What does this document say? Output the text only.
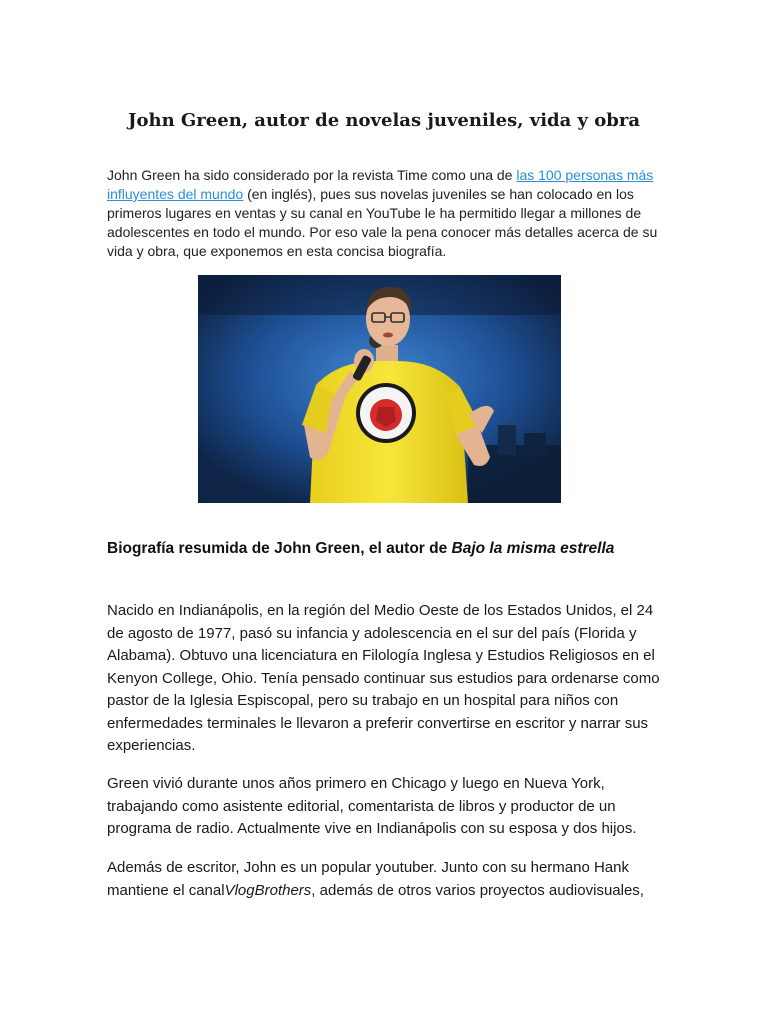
John Green, autor de novelas juveniles, vida y obra

John Green ha sido considerado por la revista Time como una de las 100 personas más influyentes del mundo (en inglés), pues sus novelas juveniles se han colocado en los primeros lugares en ventas y su canal en YouTube le ha permitido llegar a millones de adolescentes en todo el mundo. Por eso vale la pena conocer más detalles acerca de su vida y obra, que exponemos en esta concisa biografía.

Biografía resumida de John Green, el autor de Bajo la misma estrella

Nacido en Indianápolis, en la región del Medio Oeste de los Estados Unidos, el 24 de agosto de 1977, pasó su infancia y adolescencia en el sur del país (Florida y Alabama). Obtuvo una licenciatura en Filología Inglesa y Estudios Religiosos en el Kenyon College, Ohio. Tenía pensado continuar sus estudios para ordenarse como pastor de la Iglesia Espiscopal, pero su trabajo en un hospital para niños con enfermedades terminales le llevaron a preferir convertirse en escritor y narrar sus experiencias.

Green vivió durante unos años primero en Chicago y luego en Nueva York, trabajando como asistente editorial, comentarista de libros y productor de un programa de radio. Actualmente vive en Indianápolis con su esposa y dos hijos.

Además de escritor, John es un popular youtuber. Junto con su hermano Hank mantiene el canalVlogBrothers, además de otros varios proyectos audiovisuales,
